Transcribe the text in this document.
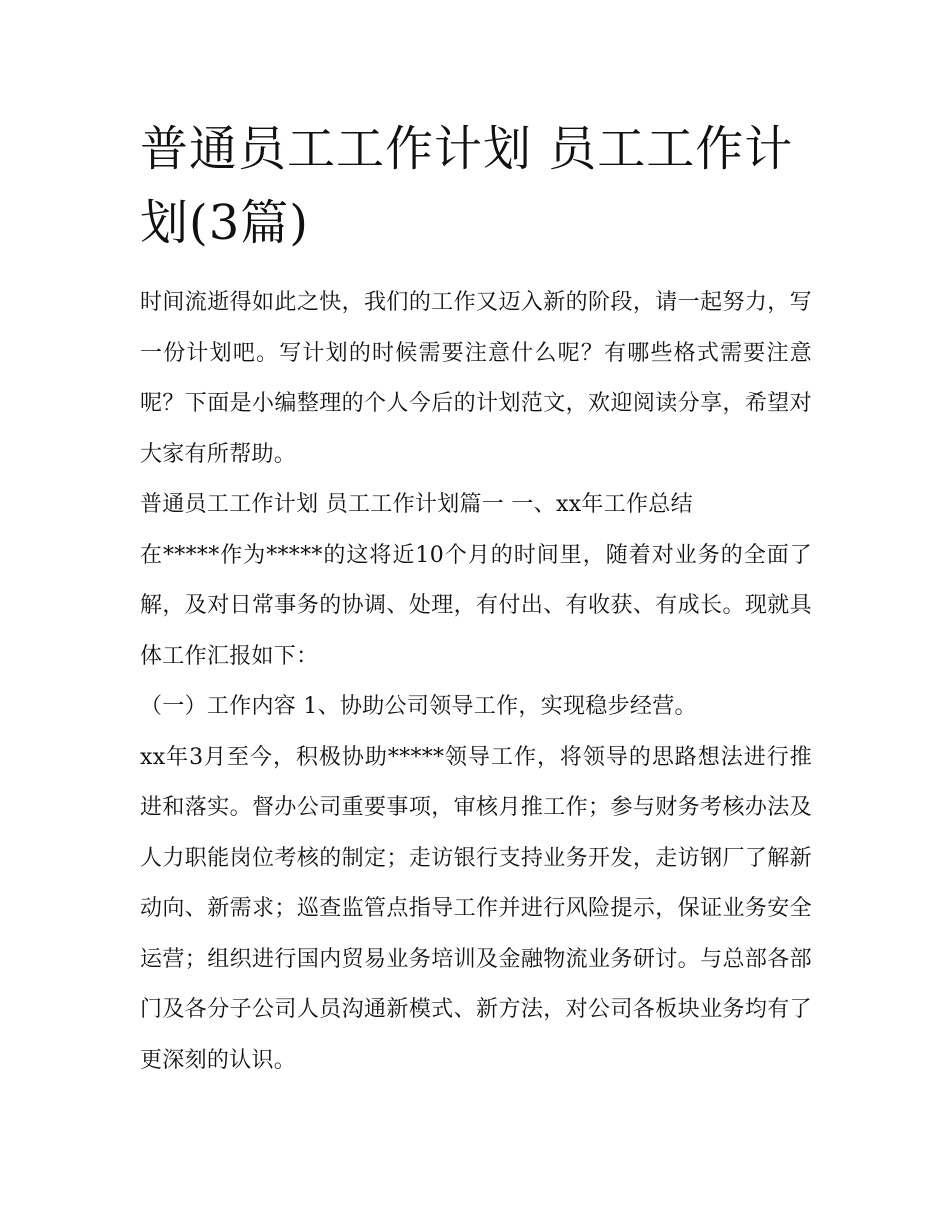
普通员工工作计划 员工工作计划(3篇)

时间流逝得如此之快，我们的工作又迈入新的阶段，请一起努力，写一份计划吧。写计划的时候需要注意什么呢？有哪些格式需要注意呢？下面是小编整理的个人今后的计划范文，欢迎阅读分享，希望对大家有所帮助。

普通员工工作计划 员工工作计划篇一 一、xx年工作总结

在*****作为*****的这将近10个月的时间里，随着对业务的全面了解，及对日常事务的协调、处理，有付出、有收获、有成长。现就具体工作汇报如下：

（一）工作内容 1、协助公司领导工作，实现稳步经营。

xx年3月至今，积极协助*****领导工作，将领导的思路想法进行推进和落实。督办公司重要事项，审核月推工作；参与财务考核办法及人力职能岗位考核的制定；走访银行支持业务开发，走访钢厂了解新动向、新需求；巡查监管点指导工作并进行风险提示，保证业务安全运营；组织进行国内贸易业务培训及金融物流业务研讨。与总部各部门及各分子公司人员沟通新模式、新方法，对公司各板块业务均有了更深刻的认识。
